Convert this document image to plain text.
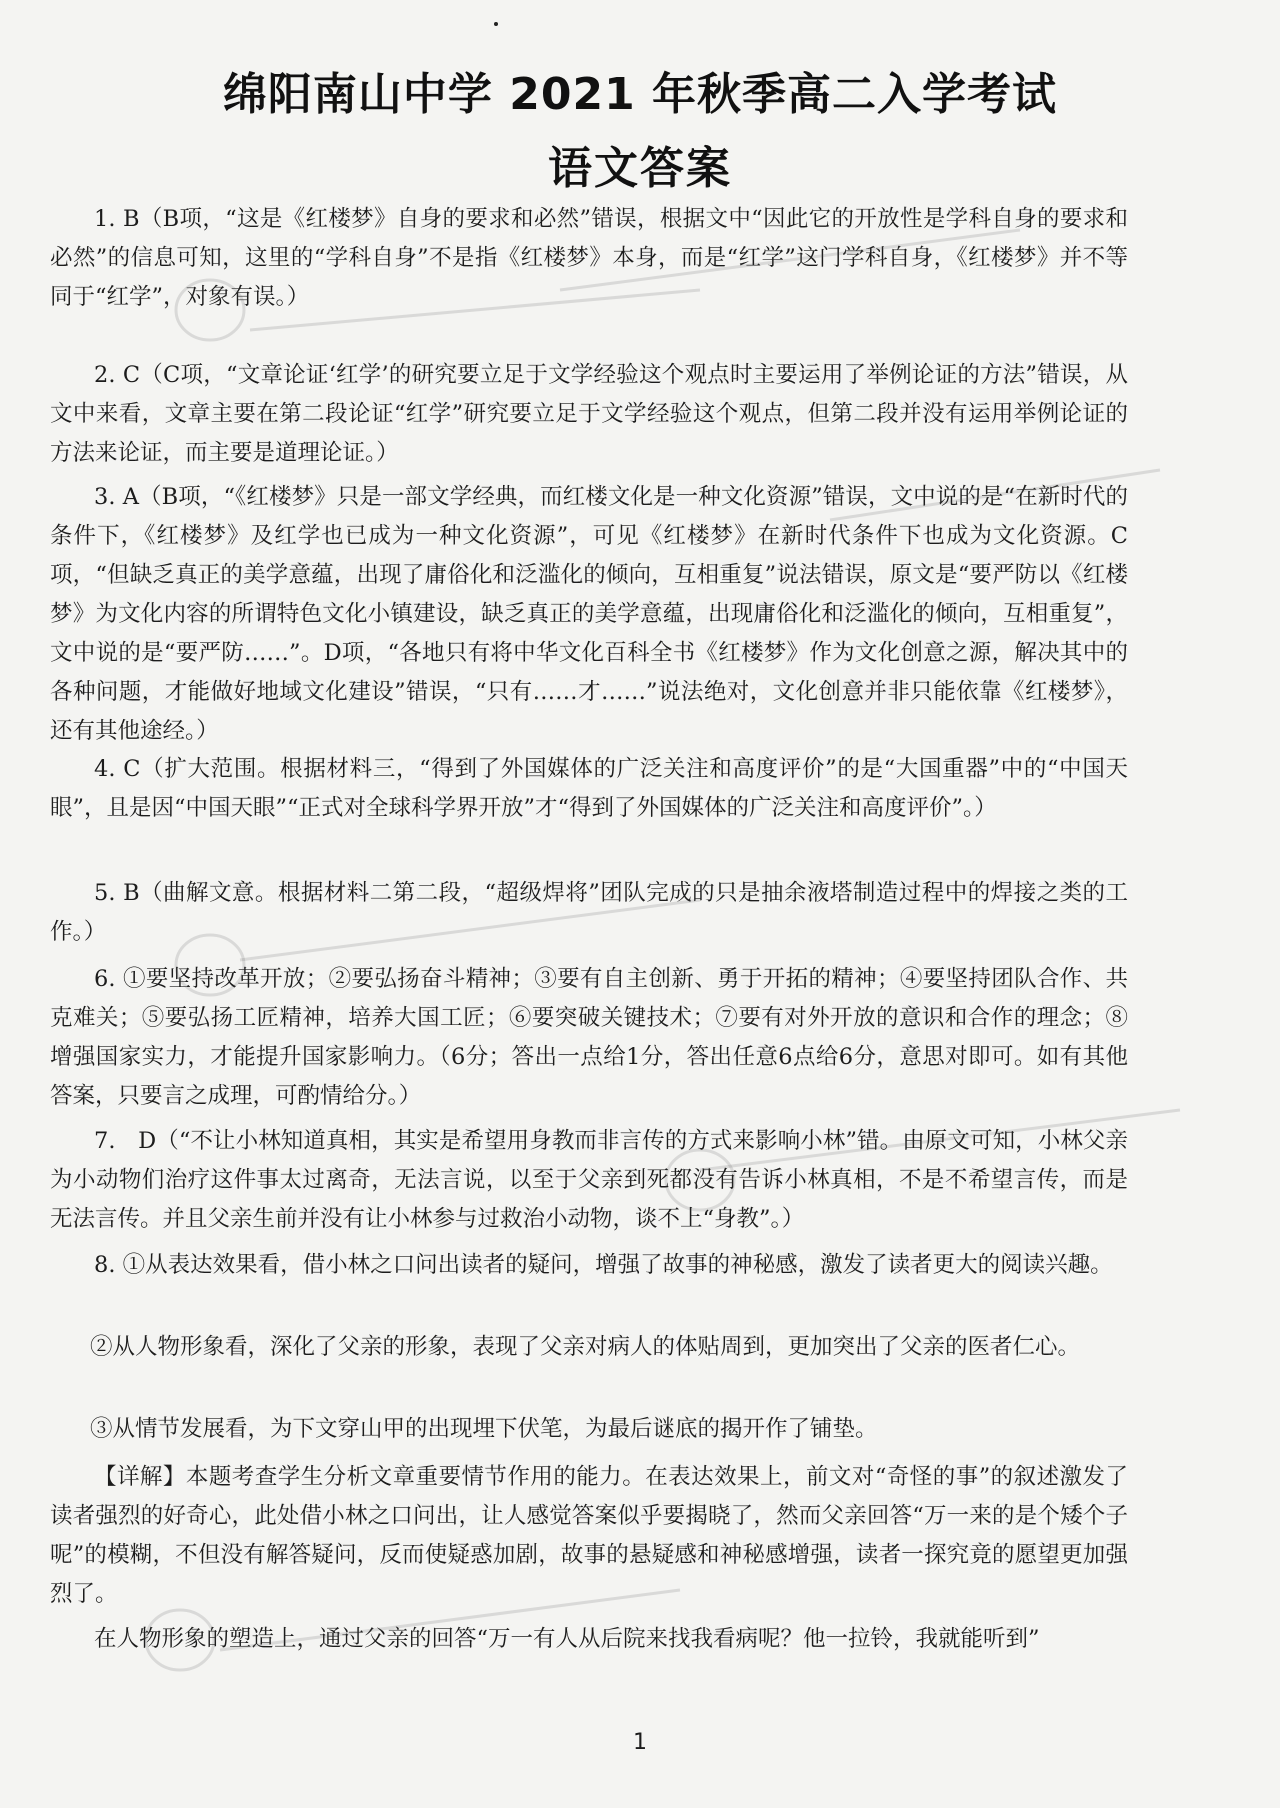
绵阳南山中学 2021 年秋季高二入学考试
语文答案
1. B（B项，“这是《红楼梦》自身的要求和必然”错误，根据文中“因此它的开放性是学科自身的要求和必然”的信息可知，这里的“学科自身”不是指《红楼梦》本身，而是“红学”这门学科自身，《红楼梦》并不等同于“红学”，对象有误。）
2. C（C项，“文章论证‘红学’的研究要立足于文学经验这个观点时主要运用了举例论证的方法”错误，从文中来看，文章主要在第二段论证“红学”研究要立足于文学经验这个观点，但第二段并没有运用举例论证的方法来论证，而主要是道理论证。）
3. A（B项，“《红楼梦》只是一部文学经典，而红楼文化是一种文化资源”错误，文中说的是“在新时代的条件下，《红楼梦》及红学也已成为一种文化资源”，可见《红楼梦》在新时代条件下也成为文化资源。C项，“但缺乏真正的美学意蕴，出现了庸俗化和泛滥化的倾向，互相重复”说法错误，原文是“要严防以《红楼梦》为文化内容的所谓特色文化小镇建设，缺乏真正的美学意蕴，出现庸俗化和泛滥化的倾向，互相重复”，文中说的是“要严防……”。D项，“各地只有将中华文化百科全书《红楼梦》作为文化创意之源，解决其中的各种问题，才能做好地域文化建设”错误，“只有……才……”说法绝对，文化创意并非只能依靠《红楼梦》，还有其他途经。）
4. C（扩大范围。根据材料三，“得到了外国媒体的广泛关注和高度评价”的是“大国重器”中的“中国天眼”，且是因“中国天眼”“正式对全球科学界开放”才“得到了外国媒体的广泛关注和高度评价”。）
5. B（曲解文意。根据材料二第二段，“超级焊将”团队完成的只是抽余液塔制造过程中的焊接之类的工作。）
6. ①要坚持改革开放；②要弘扬奋斗精神；③要有自主创新、勇于开拓的精神；④要坚持团队合作、共克难关；⑤要弘扬工匠精神，培养大国工匠；⑥要突破关键技术；⑦要有对外开放的意识和合作的理念；⑧增强国家实力，才能提升国家影响力。（6分；答出一点给1分，答出任意6点给6分，意思对即可。如有其他答案，只要言之成理，可酌情给分。）
7.　D（“不让小林知道真相，其实是希望用身教而非言传的方式来影响小林”错。由原文可知，小林父亲为小动物们治疗这件事太过离奇，无法言说，以至于父亲到死都没有告诉小林真相，不是不希望言传，而是无法言传。并且父亲生前并没有让小林参与过救治小动物，谈不上“身教”。）
8. ①从表达效果看，借小林之口问出读者的疑问，增强了故事的神秘感，激发了读者更大的阅读兴趣。
②从人物形象看，深化了父亲的形象，表现了父亲对病人的体贴周到，更加突出了父亲的医者仁心。
③从情节发展看，为下文穿山甲的出现埋下伏笔，为最后谜底的揭开作了铺垫。
【详解】本题考查学生分析文章重要情节作用的能力。在表达效果上，前文对“奇怪的事”的叙述激发了读者强烈的好奇心，此处借小林之口问出，让人感觉答案似乎要揭晓了，然而父亲回答“万一来的是个矮个子呢”的模糊，不但没有解答疑问，反而使疑惑加剧，故事的悬疑感和神秘感增强，读者一探究竟的愿望更加强烈了。
在人物形象的塑造上，通过父亲的回答“万一有人从后院来找我看病呢？他一拉铃，我就能听到”
1
